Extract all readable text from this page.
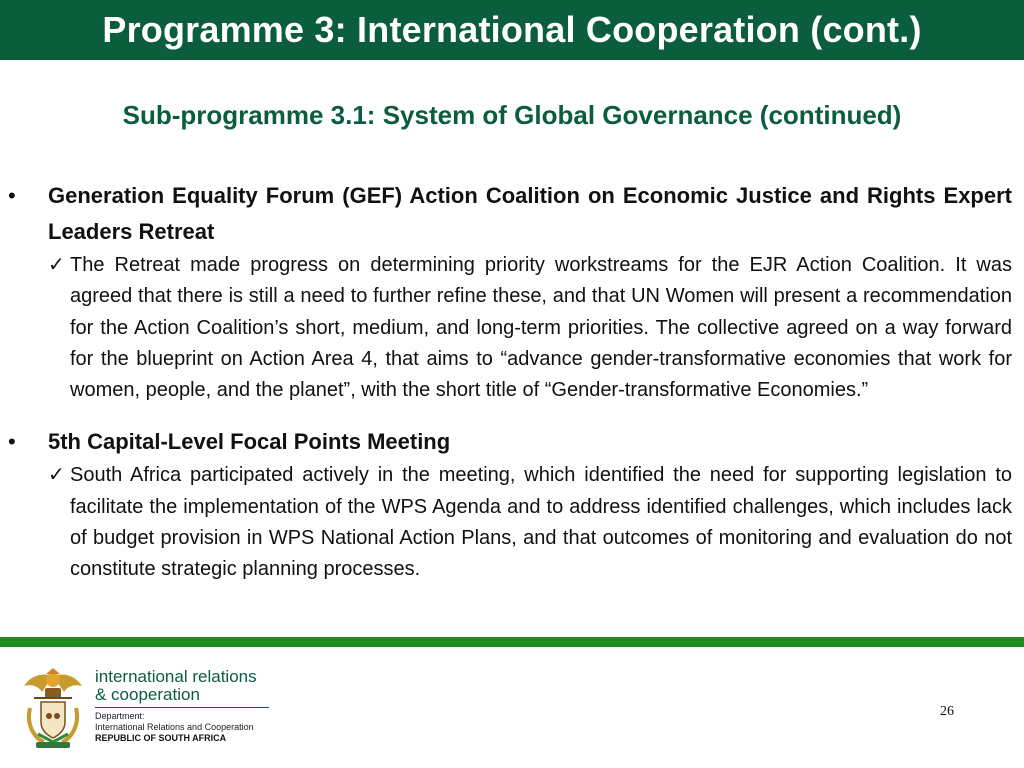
Programme 3: International Cooperation (cont.)
Sub-programme 3.1: System of Global Governance (continued)
• Generation Equality Forum (GEF) Action Coalition on Economic Justice and Rights Expert Leaders Retreat

✓ The Retreat made progress on determining priority workstreams for the EJR Action Coalition. It was agreed that there is still a need to further refine these, and that UN Women will present a recommendation for the Action Coalition’s short, medium, and long-term priorities. The collective agreed on a way forward for the blueprint on Action Area 4, that aims to “advance gender-transformative economies that work for women, people, and the planet”, with the short title of “Gender-transformative Economies.”

• 5th Capital-Level Focal Points Meeting

✓ South Africa participated actively in the meeting, which identified the need for supporting legislation to facilitate the implementation of the WPS Agenda and to address identified challenges, which includes lack of budget provision in WPS National Action Plans, and that outcomes of monitoring and evaluation do not constitute strategic planning processes.

international relations
& cooperation
Department:
International Relations and Cooperation
REPUBLIC OF SOUTH AFRICA
26
